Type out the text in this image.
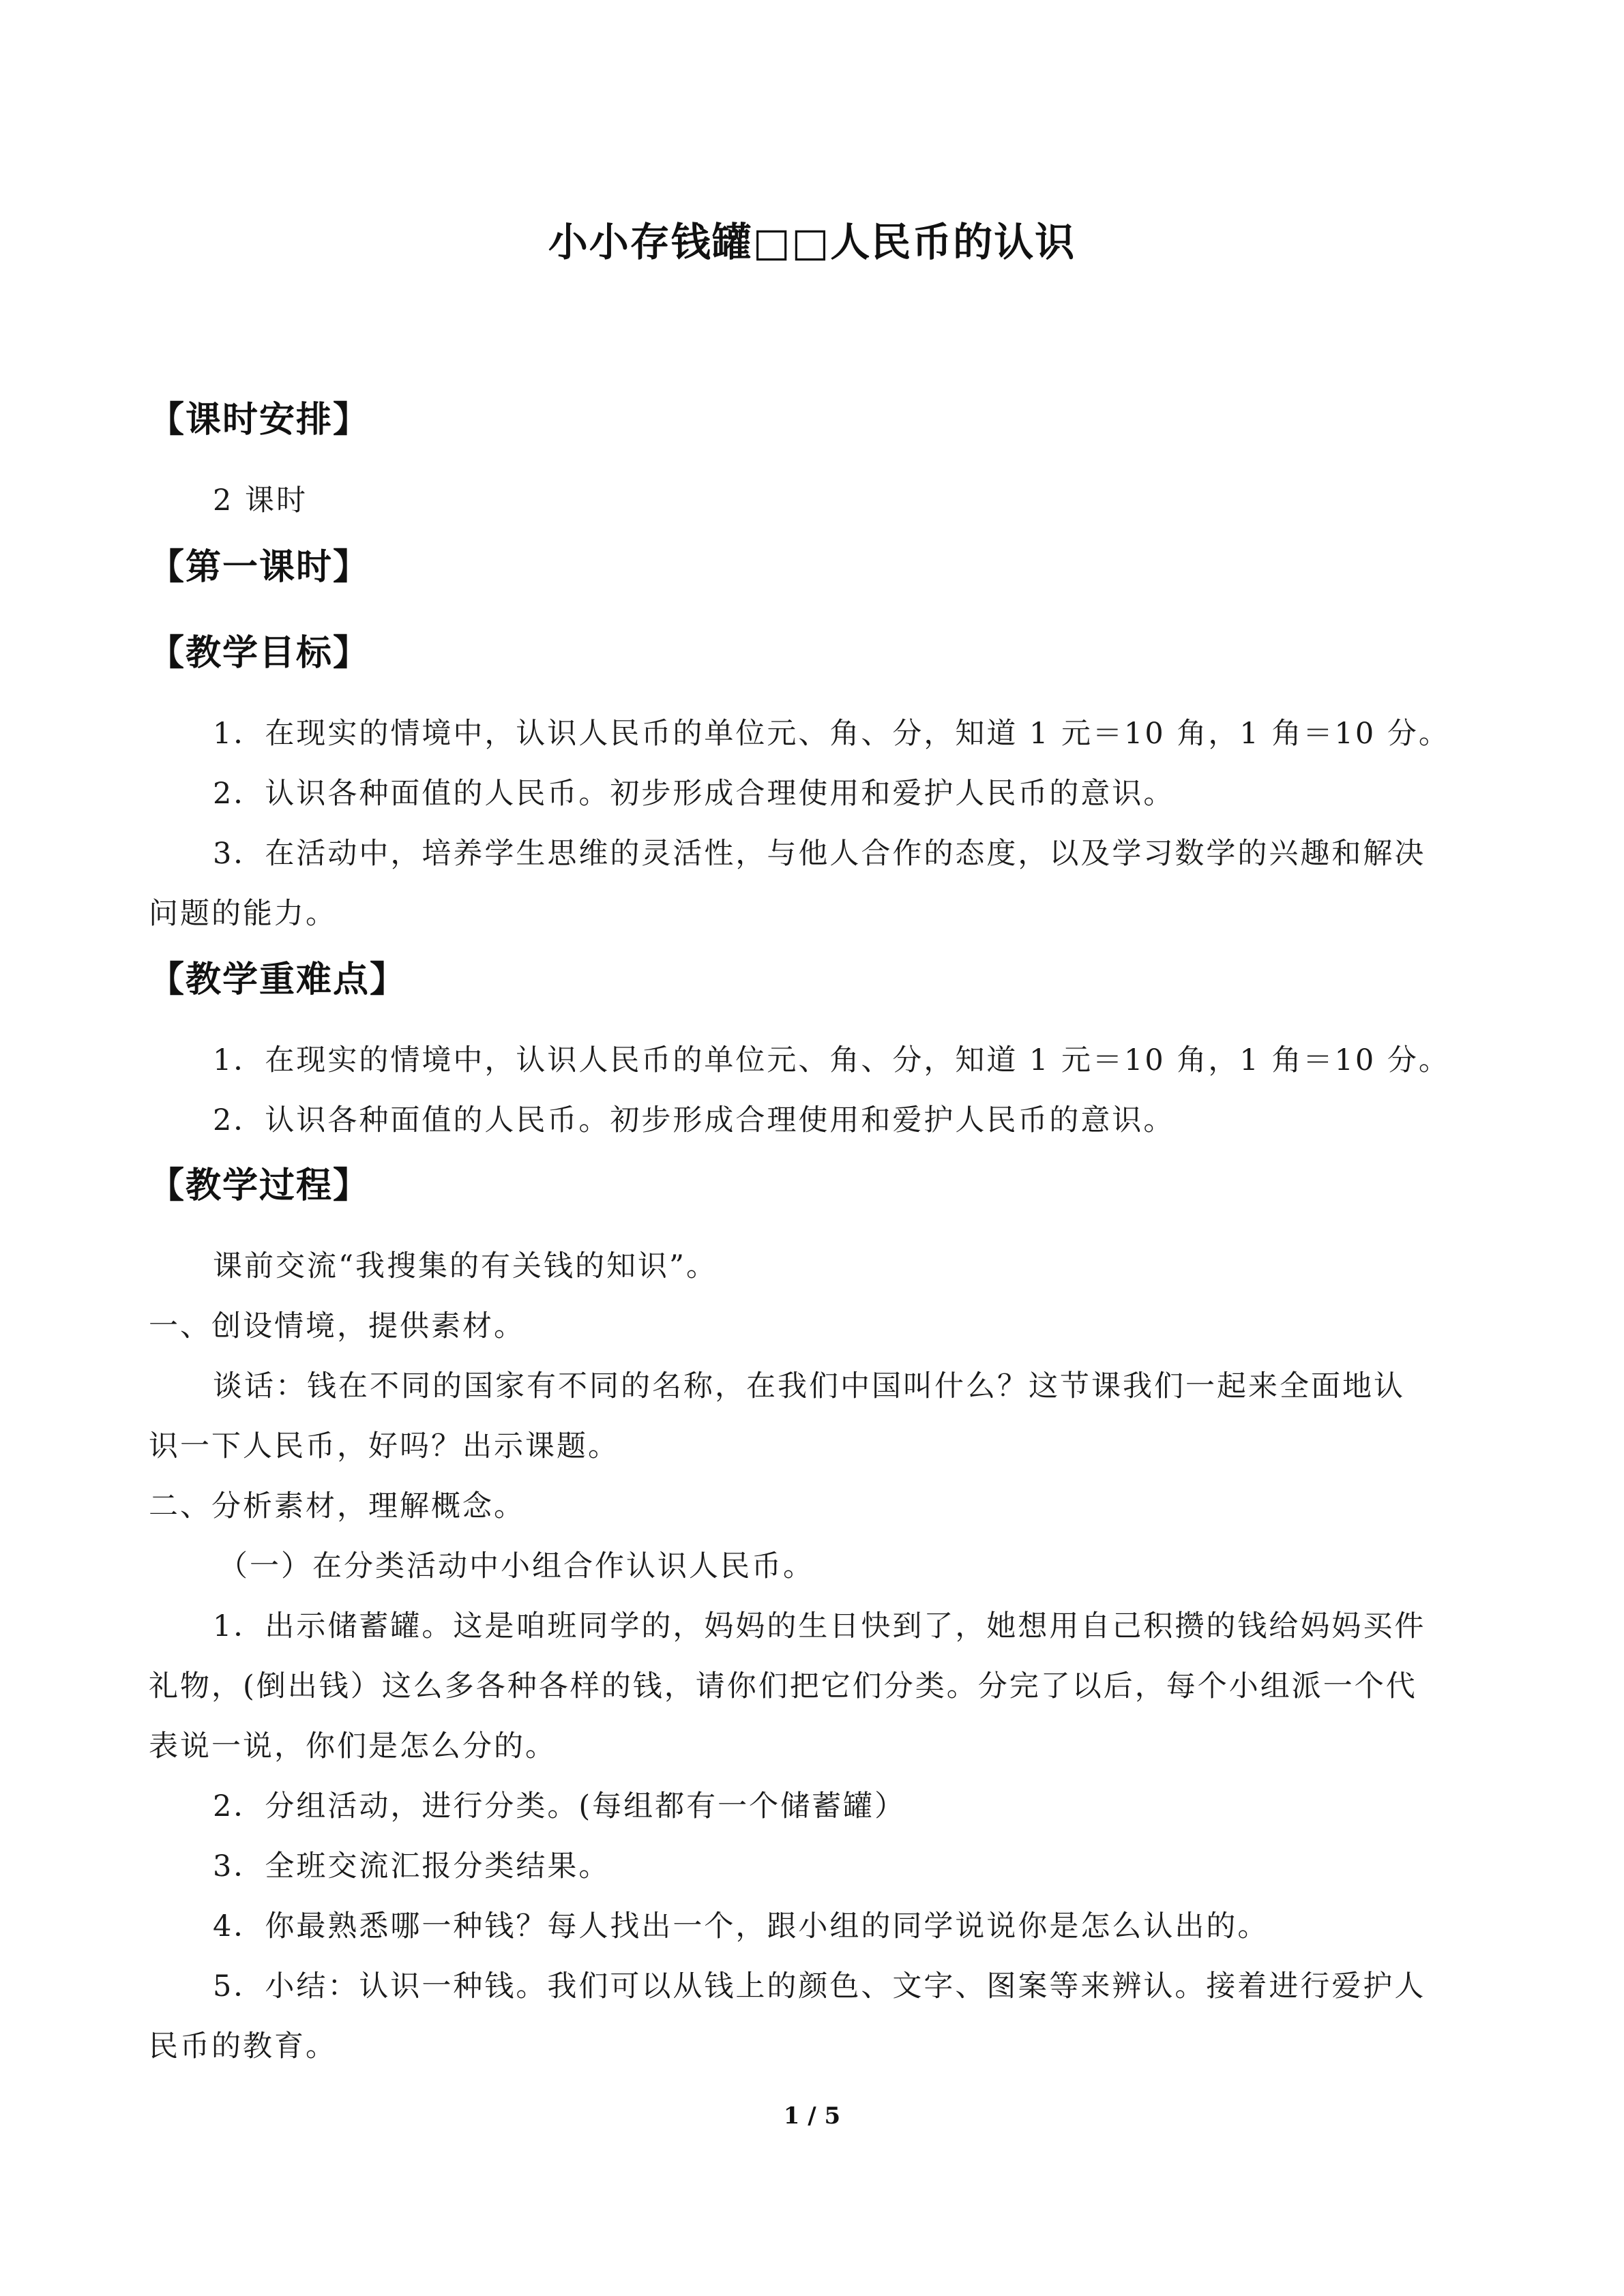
小小存钱罐□□人民币的认识
【课时安排】
2 课时
【第一课时】
【教学目标】
1．在现实的情境中，认识人民币的单位元、角、分，知道 1 元＝10 角，1 角＝10 分。
2．认识各种面值的人民币。初步形成合理使用和爱护人民币的意识。
3．在活动中，培养学生思维的灵活性，与他人合作的态度，以及学习数学的兴趣和解决
问题的能力。
【教学重难点】
1．在现实的情境中，认识人民币的单位元、角、分，知道 1 元＝10 角，1 角＝10 分。
2．认识各种面值的人民币。初步形成合理使用和爱护人民币的意识。
【教学过程】
课前交流“我搜集的有关钱的知识”。
一、创设情境，提供素材。
谈话：钱在不同的国家有不同的名称，在我们中国叫什么？这节课我们一起来全面地认
识一下人民币，好吗？出示课题。
二、分析素材，理解概念。
（一）在分类活动中小组合作认识人民币。
1．出示储蓄罐。这是咱班同学的，妈妈的生日快到了，她想用自己积攒的钱给妈妈买件
礼物，(倒出钱）这么多各种各样的钱，请你们把它们分类。分完了以后，每个小组派一个代
表说一说，你们是怎么分的。
2．分组活动，进行分类。(每组都有一个储蓄罐）
3．全班交流汇报分类结果。
4．你最熟悉哪一种钱？每人找出一个，跟小组的同学说说你是怎么认出的。
5．小结：认识一种钱。我们可以从钱上的颜色、文字、图案等来辨认。接着进行爱护人
民币的教育。
1 / 5
